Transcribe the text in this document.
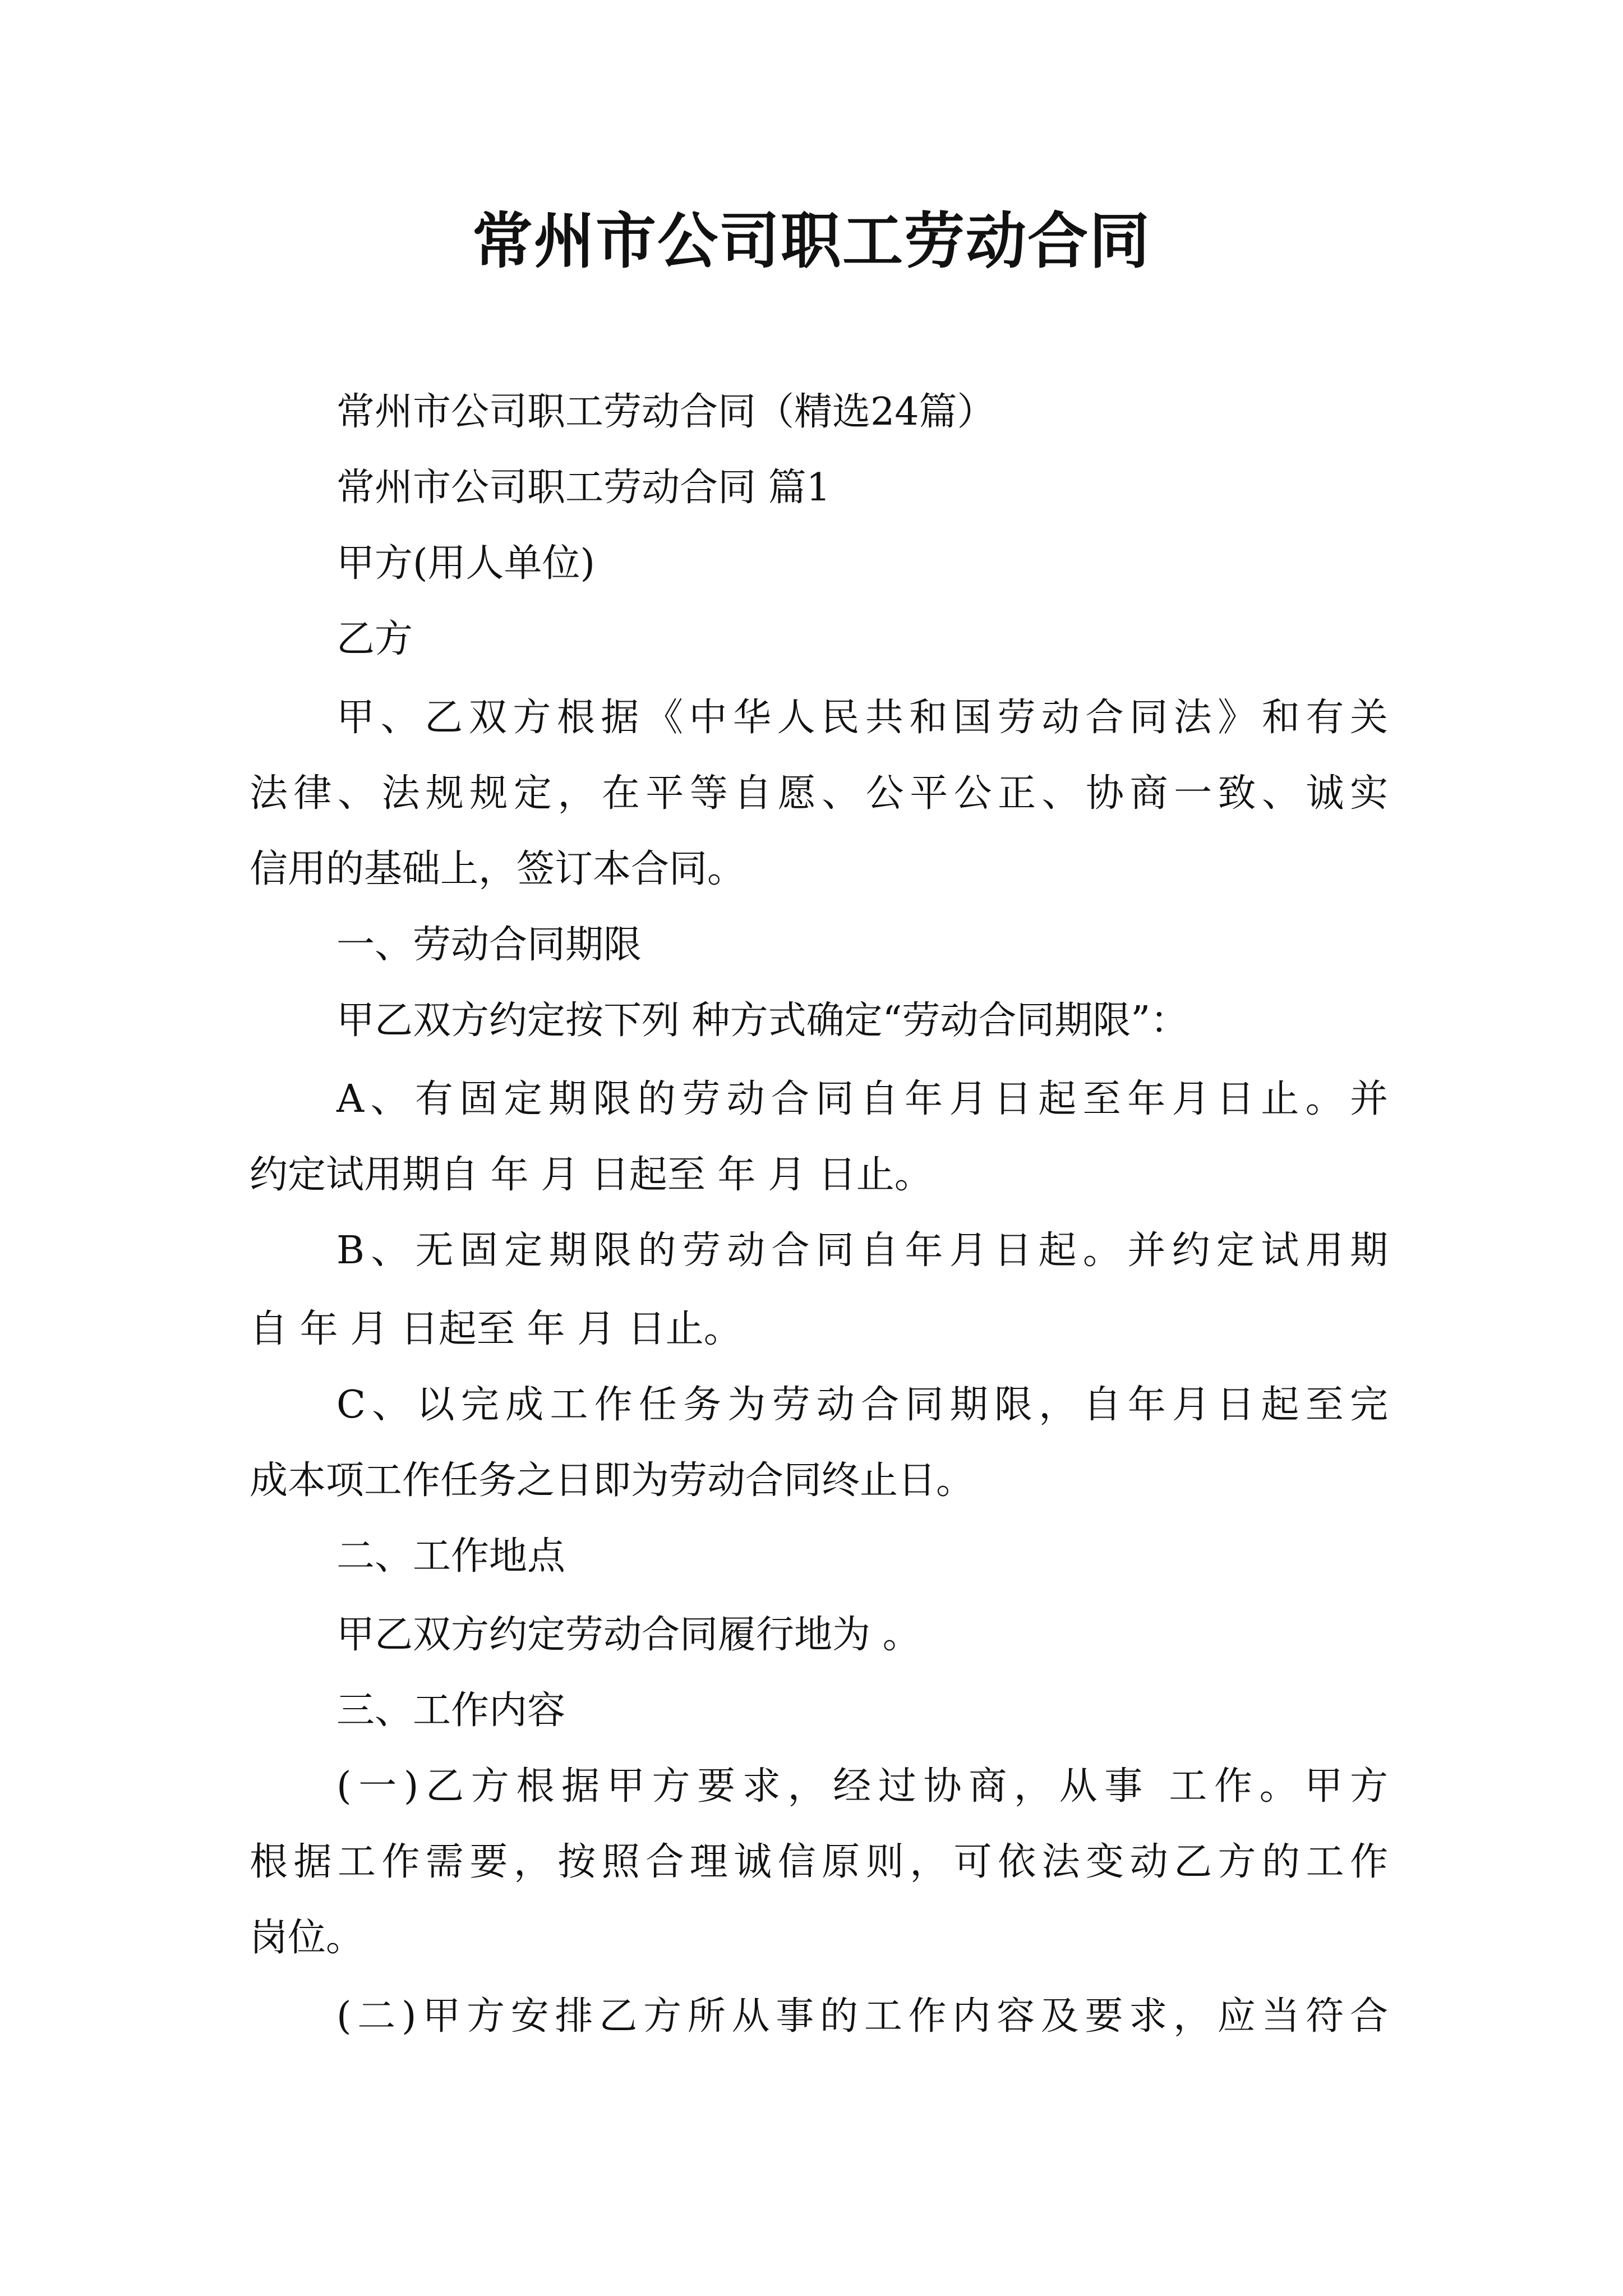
常州市公司职工劳动合同
常州市公司职工劳动合同（精选24篇）
常州市公司职工劳动合同 篇1
甲方(用人单位)
乙方
甲、乙双方根据《中华人民共和国劳动合同法》和有关
法律、法规规定，在平等自愿、公平公正、协商一致、诚实
信用的基础上，签订本合同。
一、劳动合同期限
甲乙双方约定按下列 种方式确定“劳动合同期限”：
A、有固定期限的劳动合同自年月日起至年月日止。并
约定试用期自 年 月 日起至 年 月 日止。
B、无固定期限的劳动合同自年月日起。并约定试用期
自 年 月 日起至 年 月 日止。
C、以完成工作任务为劳动合同期限，自年月日起至完
成本项工作任务之日即为劳动合同终止日。
二、工作地点
甲乙双方约定劳动合同履行地为 。
三、工作内容
(一)乙方根据甲方要求，经过协商，从事 工作。甲方
根据工作需要，按照合理诚信原则，可依法变动乙方的工作
岗位。
(二)甲方安排乙方所从事的工作内容及要求，应当符合
